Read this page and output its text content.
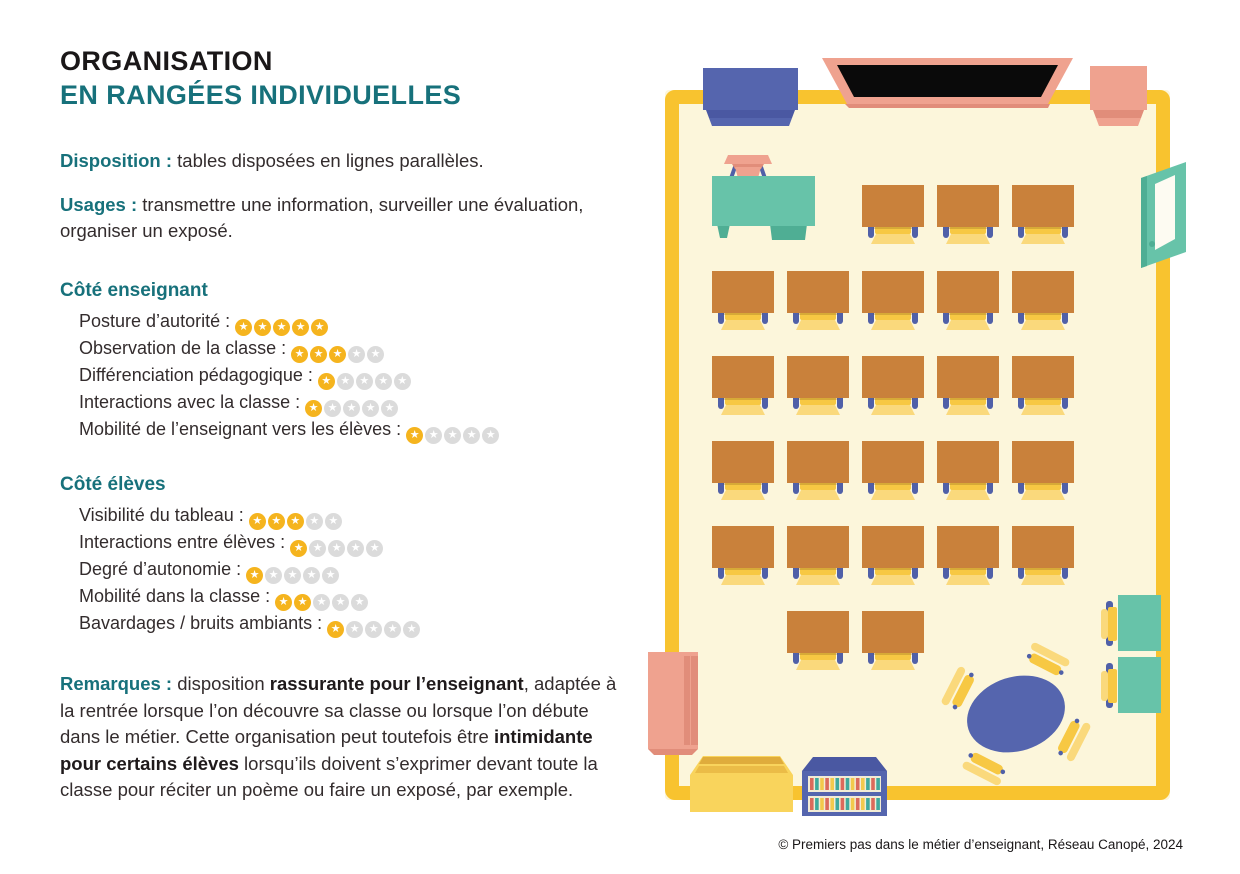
ORGANISATION
EN RANGÉES INDIVIDUELLES

Disposition : tables disposées en lignes parallèles.

Usages : transmettre une information, surveiller une évaluation, organiser un exposé.

Côté enseignant
Posture d’autorité : ★ ★ ★ ★ ★
Observation de la classe : ★ ★ ★ ★ ★
Différenciation pédagogique : ★ ★ ★ ★ ★
Interactions avec la classe : ★ ★ ★ ★ ★
Mobilité de l’enseignant vers les élèves : ★ ★ ★ ★ ★
Côté élèves
Visibilité du tableau : ★ ★ ★ ★ ★
Interactions entre élèves : ★ ★ ★ ★ ★
Degré d’autonomie : ★ ★ ★ ★ ★
Mobilité dans la classe : ★ ★ ★ ★ ★
Bavardages / bruits ambiants : ★ ★ ★ ★ ★

Remarques : disposition rassurante pour l’enseignant, adaptée à la rentrée lorsque l’on découvre sa classe ou lorsque l’on débute dans le métier. Cette organisation peut toutefois être intimidante pour certains élèves lorsqu’ils doivent s’exprimer devant toute la classe pour réciter un poème ou faire un exposé, par exemple.

© Premiers pas dans le métier d’enseignant, Réseau Canopé, 2024
